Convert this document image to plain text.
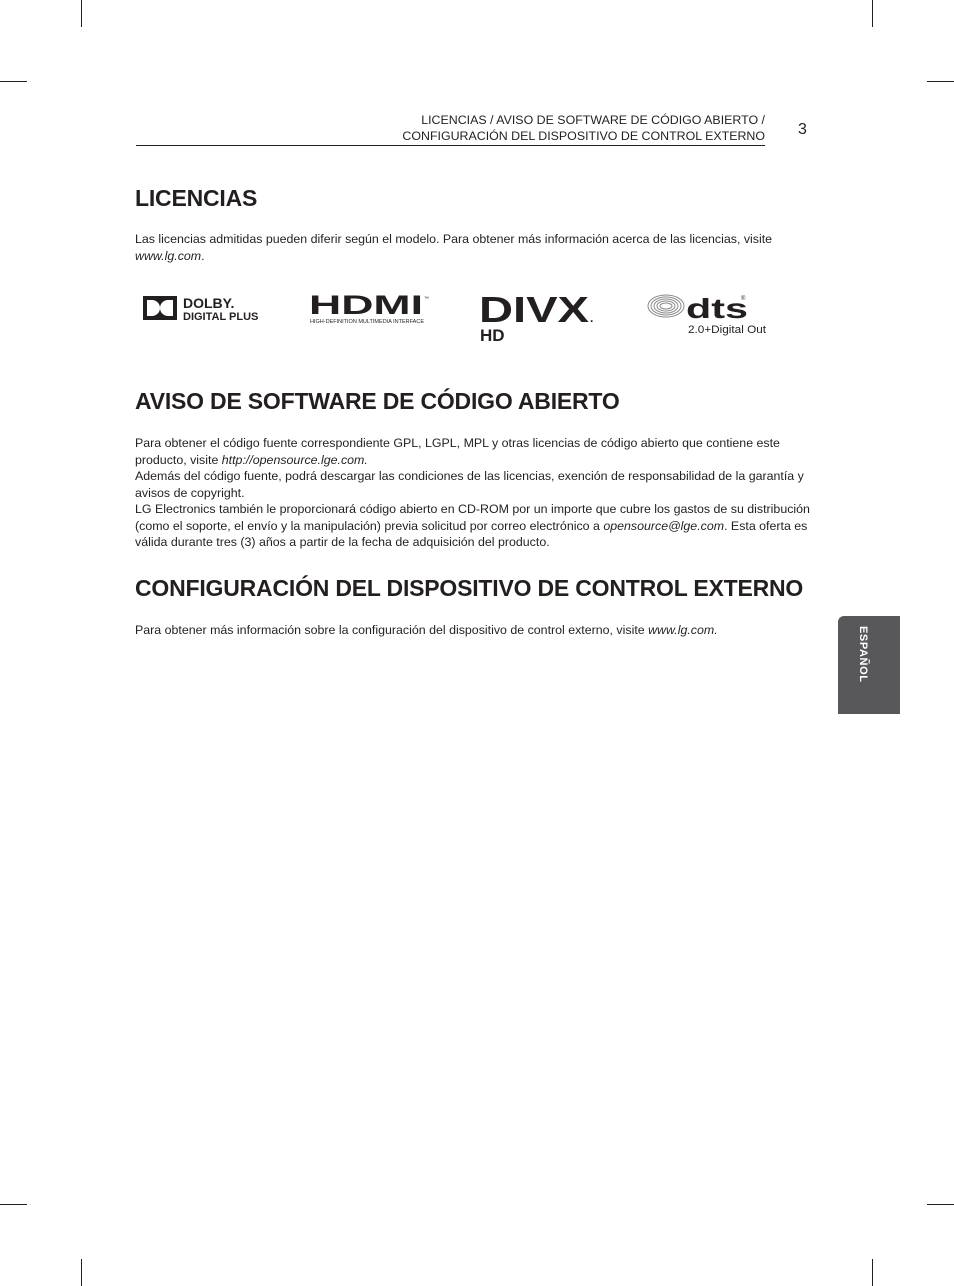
LICENCIAS / AVISO DE SOFTWARE DE CÓDIGO ABIERTO /
CONFIGURACIÓN DEL DISPOSITIVO DE CONTROL EXTERNO 3
LICENCIAS

Las licencias admitidas pueden diferir según el modelo. Para obtener más información acerca de las licencias, visite www.lg.com.

DOLBY.
DIGITAL PLUS HDMI ™
HIGH-DEFINITION MULTIMEDIA INTERFACE DIVX .
HD
dts
®
2.0+Digital Out
AVISO DE SOFTWARE DE CÓDIGO ABIERTO
Para obtener el código fuente correspondiente GPL, LGPL, MPL y otras licencias de código abierto que contiene este producto, visite http://opensource.lge.com.
Además del código fuente, podrá descargar las condiciones de las licencias, exención de responsabilidad de la garantía y avisos de copyright.
LG Electronics también le proporcionará código abierto en CD-ROM por un importe que cubre los gastos de su distribución (como el soporte, el envío y la manipulación) previa solicitud por correo electrónico a opensource@lge.com. Esta oferta es válida durante tres (3) años a partir de la fecha de adquisición del producto.
CONFIGURACIÓN DEL DISPOSITIVO DE CONTROL EXTERNO

Para obtener más información sobre la configuración del dispositivo de control externo, visite www.lg.com.	ESPAÑOL
